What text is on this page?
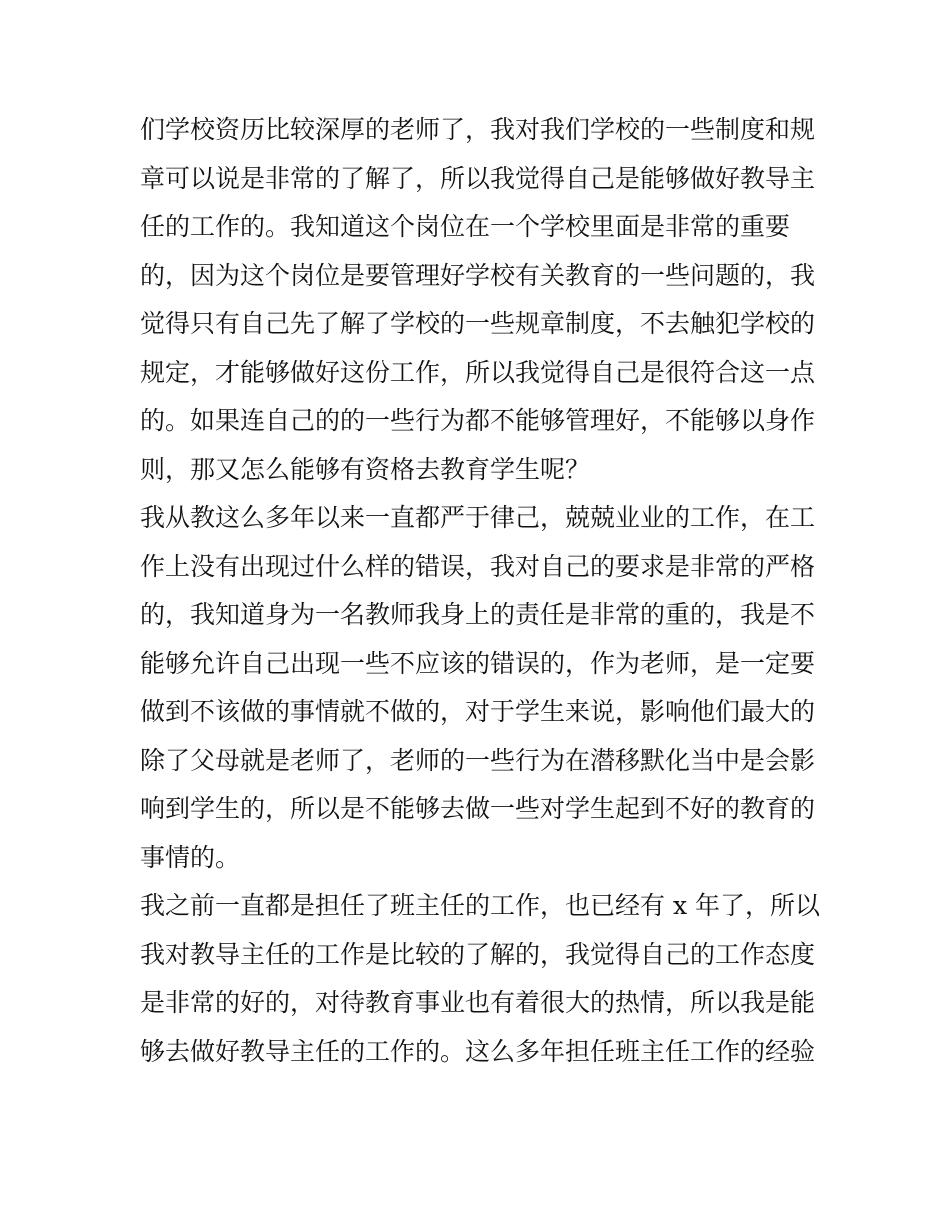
们学校资历比较深厚的老师了，我对我们学校的一些制度和规

章可以说是非常的了解了，所以我觉得自己是能够做好教导主

任的工作的。我知道这个岗位在一个学校里面是非常的重要

的，因为这个岗位是要管理好学校有关教育的一些问题的，我

觉得只有自己先了解了学校的一些规章制度，不去触犯学校的

规定，才能够做好这份工作，所以我觉得自己是很符合这一点

的。如果连自己的的一些行为都不能够管理好，不能够以身作

则，那又怎么能够有资格去教育学生呢？

我从教这么多年以来一直都严于律己，兢兢业业的工作，在工

作上没有出现过什么样的错误，我对自己的要求是非常的严格

的，我知道身为一名教师我身上的责任是非常的重的，我是不

能够允许自己出现一些不应该的错误的，作为老师，是一定要

做到不该做的事情就不做的，对于学生来说，影响他们最大的

除了父母就是老师了，老师的一些行为在潜移默化当中是会影

响到学生的，所以是不能够去做一些对学生起到不好的教育的

事情的。

我之前一直都是担任了班主任的工作，也已经有 x 年了，所以

我对教导主任的工作是比较的了解的，我觉得自己的工作态度

是非常的好的，对待教育事业也有着很大的热情，所以我是能

够去做好教导主任的工作的。这么多年担任班主任工作的经验
